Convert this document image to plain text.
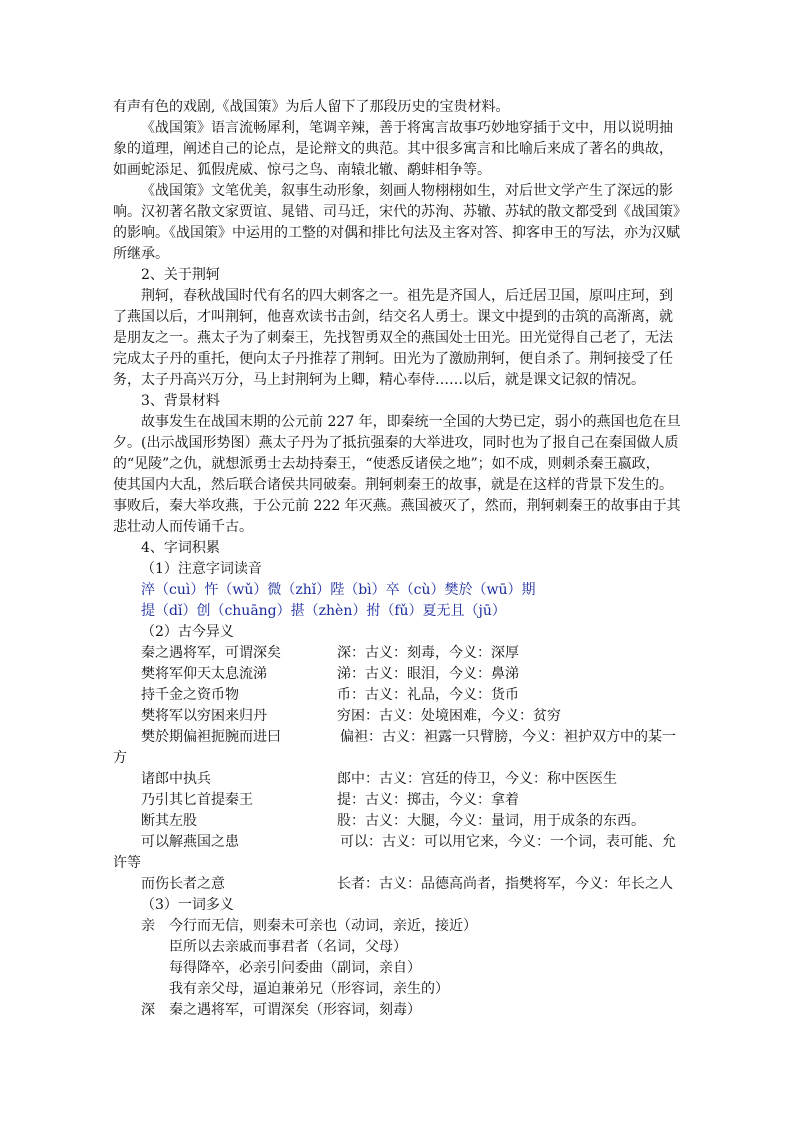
有声有色的戏剧,《战国策》为后人留下了那段历史的宝贵材料。
《战国策》语言流畅犀利，笔调辛辣，善于将寓言故事巧妙地穿插于文中，用以说明抽
象的道理，阐述自己的论点，是论辩文的典范。其中很多寓言和比喻后来成了著名的典故，
如画蛇添足、狐假虎威、惊弓之鸟、南辕北辙、鹬蚌相争等。
《战国策》文笔优美，叙事生动形象，刻画人物栩栩如生，对后世文学产生了深远的影
响。汉初著名散文家贾谊、晁错、司马迁，宋代的苏洵、苏辙、苏轼的散文都受到《战国策》
的影响。《战国策》中运用的工整的对偶和排比句法及主客对答、抑客申王的写法，亦为汉赋
所继承。
2、关于荆轲
荆轲，春秋战国时代有名的四大刺客之一。祖先是齐国人，后迁居卫国，原叫庄珂，到
了燕国以后，才叫荆轲，他喜欢读书击剑，结交名人勇士。课文中提到的击筑的高渐离，就
是朋友之一。燕太子为了刺秦王，先找智勇双全的燕国处士田光。田光觉得自己老了，无法
完成太子丹的重托，便向太子丹推荐了荆轲。田光为了激励荆轲，便自杀了。荆轲接受了任
务，太子丹高兴万分，马上封荆轲为上卿，精心奉侍……以后，就是课文记叙的情况。
3、背景材料
故事发生在战国末期的公元前 227 年，即秦统一全国的大势已定，弱小的燕国也危在旦
夕。(出示战国形势图）燕太子丹为了抵抗强秦的大举进攻，同时也为了报自己在秦国做人质
的“见陵”之仇，就想派勇士去劫持秦王，“使悉反诸侯之地”；如不成，则刺杀秦王嬴政，
使其国内大乱，然后联合诸侯共同破秦。荆轲刺秦王的故事，就是在这样的背景下发生的。
事败后，秦大举攻燕，于公元前 222 年灭燕。燕国被灭了，然而，荆轲刺秦王的故事由于其
悲壮动人而传诵千古。
4、字词积累
（1）注意字词读音
淬（cuì）忤（wǔ）微（zhǐ）陛（bì）卒（cù）樊於（wū）期
提（dǐ）创（chuāng）揕（zhèn）拊（fǔ）夏无且（jū）
（2）古今异义
秦之遇将军，可谓深矣	深：古义：刻毒，今义：深厚
樊将军仰天太息流涕	涕：古义：眼泪，今义：鼻涕
持千金之资币物	币：古义：礼品，今义：货币
樊将军以穷困来归丹	穷困：古义：处境困难，今义：贫穷
樊於期偏袒扼腕而进曰	偏袒：古义：袒露一只臂膀，今义：袒护双方中的某一
方
诸郎中执兵	郎中：古义：宫廷的侍卫，今义：称中医医生
乃引其匕首提秦王	提：古义：掷击，今义：拿着
断其左股	股：古义：大腿，今义：量词，用于成条的东西。
可以解燕国之患	可以：古义：可以用它来，今义：一个词，表可能、允
许等
而伤长者之意	长者：古义：品德高尚者，指樊将军，今义：年长之人
（3）一词多义
亲 今行而无信，则秦未可亲也（动词，亲近，接近）
臣所以去亲戚而事君者（名词，父母）
每得降卒，必亲引问委曲（副词，亲自）
我有亲父母，逼迫兼弟兄（形容词，亲生的）
深 秦之遇将军，可谓深矣（形容词，刻毒）
